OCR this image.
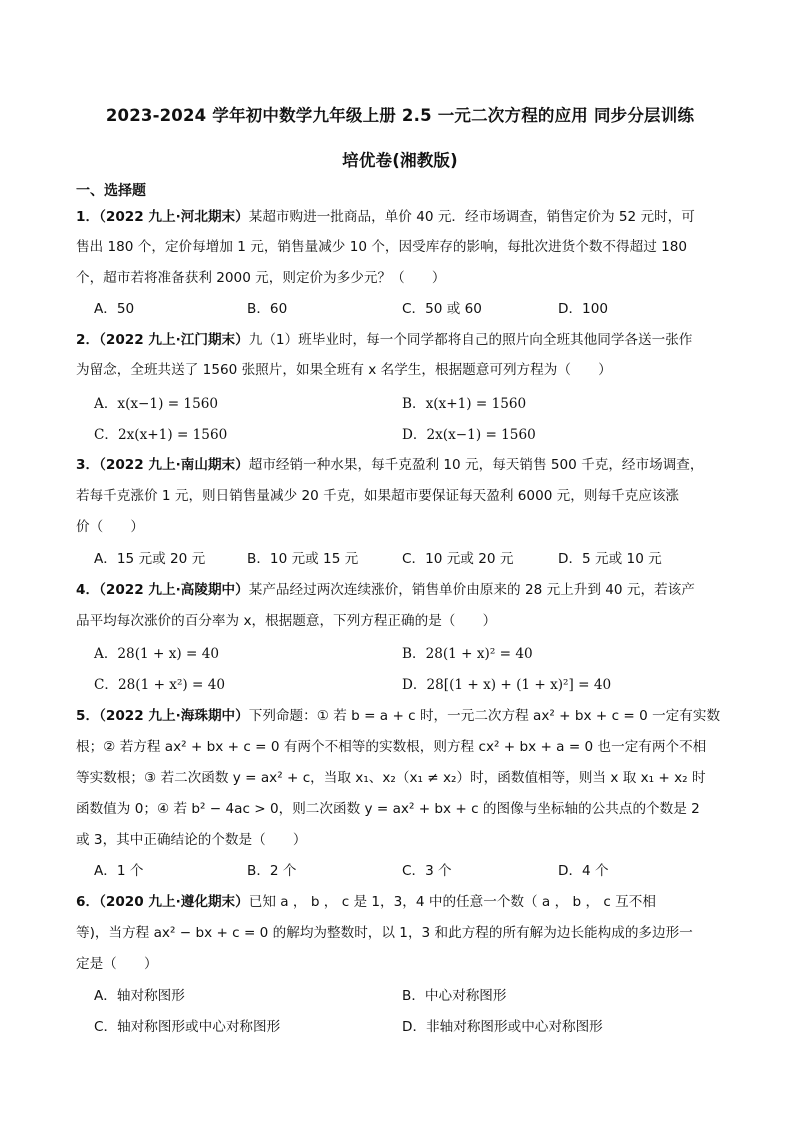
2023-2024 学年初中数学九年级上册 2.5 一元二次方程的应用 同步分层训练
培优卷(湘教版)
一、选择题
1．（2022 九上·河北期末）某超市购进一批商品，单价 40 元．经市场调查，销售定价为 52 元时，可
售出 180 个，定价每增加 1 元，销售量减少 10 个，因受库存的影响，每批次进货个数不得超过 180
个，超市若将准备获利 2000 元，则定价为多少元？（　　）
A．50	B．60	C．50 或 60	D．100
2．（2022 九上·江门期末）九（1）班毕业时，每一个同学都将自己的照片向全班其他同学各送一张作
为留念，全班共送了 1560 张照片，如果全班有 x 名学生，根据题意可列方程为（　　）
A．x(x−1) = 1560	B．x(x+1) = 1560
C．2x(x+1) = 1560	D．2x(x−1) = 1560
3．（2022 九上·南山期末）超市经销一种水果，每千克盈利 10 元，每天销售 500 千克，经市场调查，
若每千克涨价 1 元，则日销售量减少 20 千克，如果超市要保证每天盈利 6000 元，则每千克应该涨
价（　　）
A．15 元或 20 元	B．10 元或 15 元	C．10 元或 20 元	D．5 元或 10 元
4．（2022 九上·高陵期中）某产品经过两次连续涨价，销售单价由原来的 28 元上升到 40 元，若该产
品平均每次涨价的百分率为 x，根据题意，下列方程正确的是（　　）
A．28(1 + x) = 40	B．28(1 + x)² = 40
C．28(1 + x²) = 40	D．28[(1 + x) + (1 + x)²] = 40
5．（2022 九上·海珠期中）下列命题：① 若 b = a + c 时，一元二次方程 ax² + bx + c = 0 一定有实数
根；② 若方程 ax² + bx + c = 0 有两个不相等的实数根，则方程 cx² + bx + a = 0 也一定有两个不相
等实数根；③ 若二次函数 y = ax² + c，当取 x₁、x₂（x₁ ≠ x₂）时，函数值相等，则当 x 取 x₁ + x₂ 时
函数值为 0；④ 若 b² − 4ac > 0，则二次函数 y = ax² + bx + c 的图像与坐标轴的公共点的个数是 2
或 3，其中正确结论的个数是（　　）
A．1 个	B．2 个	C．3 个	D．4 个
6．（2020 九上·遵化期末）已知 a ， b ， c 是 1，3，4 中的任意一个数（ a ， b ， c 互不相
等)，当方程 ax² − bx + c = 0 的解均为整数时，以 1，3 和此方程的所有解为边长能构成的多边形一
定是（　　）
A．轴对称图形	B．中心对称图形
C．轴对称图形或中心对称图形	D．非轴对称图形或中心对称图形
